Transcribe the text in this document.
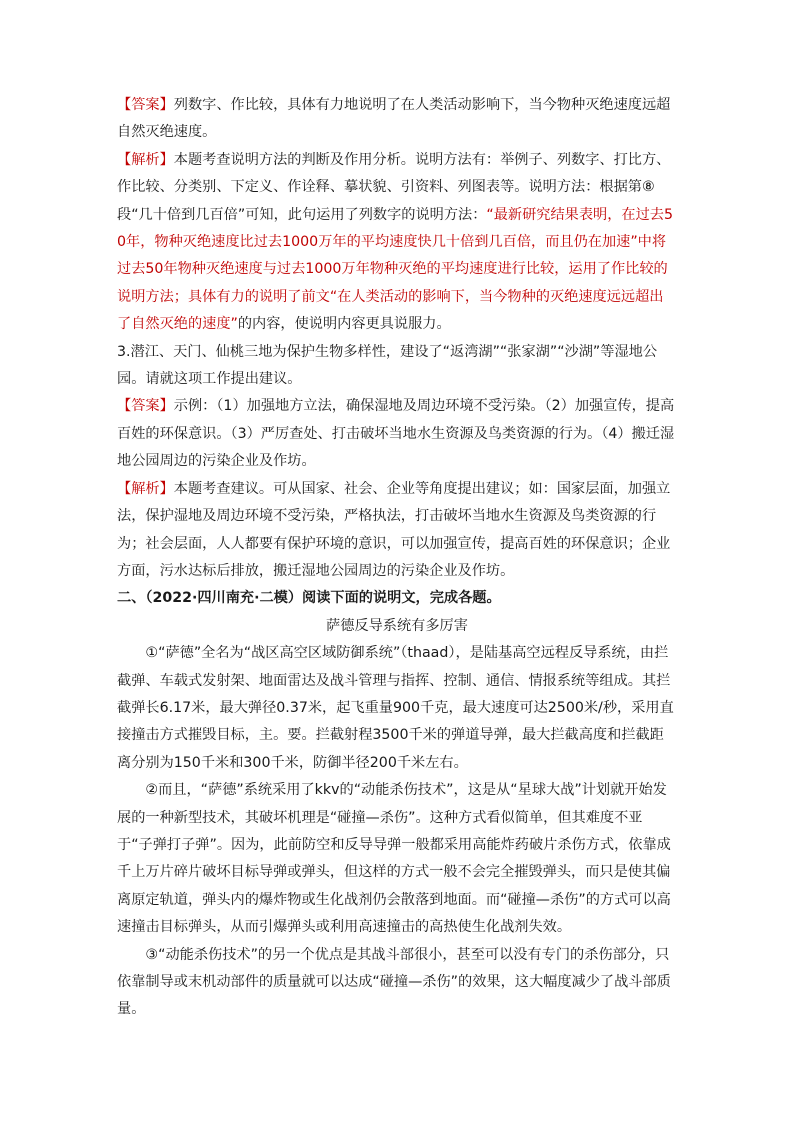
【答案】列数字、作比较，具体有力地说明了在人类活动影响下，当今物种灭绝速度远超自然灭绝速度。

【解析】本题考查说明方法的判断及作用分析。说明方法有：举例子、列数字、打比方、作比较、分类别、下定义、作诠释、摹状貌、引资料、列图表等。说明方法：根据第⑧段“几十倍到几百倍”可知，此句运用了列数字的说明方法：“最新研究结果表明，在过去50年，物种灭绝速度比过去1000万年的平均速度快几十倍到几百倍，而且仍在加速”中将过去50年物种灭绝速度与过去1000万年物种灭绝的平均速度进行比较，运用了作比较的说明方法；具体有力的说明了前文“在人类活动的影响下，当今物种的灭绝速度远远超出了自然灭绝的速度”的内容，使说明内容更具说服力。

3.潜江、天门、仙桃三地为保护生物多样性，建设了“返湾湖”“张家湖”“沙湖”等湿地公园。请就这项工作提出建议。

【答案】示例：（1）加强地方立法，确保湿地及周边环境不受污染。（2）加强宣传，提高百姓的环保意识。（3）严厉查处、打击破坏当地水生资源及鸟类资源的行为。（4）搬迁湿地公园周边的污染企业及作坊。

【解析】本题考查建议。可从国家、社会、企业等角度提出建议；如：国家层面，加强立法，保护湿地及周边环境不受污染，严格执法，打击破坏当地水生资源及鸟类资源的行为；社会层面，人人都要有保护环境的意识，可以加强宣传，提高百姓的环保意识；企业方面，污水达标后排放，搬迁湿地公园周边的污染企业及作坊。

二、（2022·四川南充·二模）阅读下面的说明文，完成各题。

萨德反导系统有多厉害

①“萨德”全名为“战区高空区域防御系统”（thaad），是陆基高空远程反导系统，由拦截弹、车载式发射架、地面雷达及战斗管理与指挥、控制、通信、情报系统等组成。其拦截弹长6.17米，最大弹径0.37米，起飞重量900千克，最大速度可达2500米/秒，采用直接撞击方式摧毁目标，主。要。拦截射程3500千米的弹道导弹，最大拦截高度和拦截距离分别为150千米和300千米，防御半径200千米左右。

②而且，“萨德”系统采用了kkv的“动能杀伤技术”，这是从“星球大战”计划就开始发展的一种新型技术，其破坏机理是“碰撞—杀伤”。这种方式看似简单，但其难度不亚于“子弹打子弹”。因为，此前防空和反导导弹一般都采用高能炸药破片杀伤方式，依靠成千上万片碎片破坏目标导弹或弹头，但这样的方式一般不会完全摧毁弹头，而只是使其偏离原定轨道，弹头内的爆炸物或生化战剂仍会散落到地面。而“碰撞—杀伤”的方式可以高速撞击目标弹头，从而引爆弹头或利用高速撞击的高热使生化战剂失效。

③“动能杀伤技术”的另一个优点是其战斗部很小，甚至可以没有专门的杀伤部分，只依靠制导或末机动部件的质量就可以达成“碰撞—杀伤”的效果，这大幅度减少了战斗部质量。
